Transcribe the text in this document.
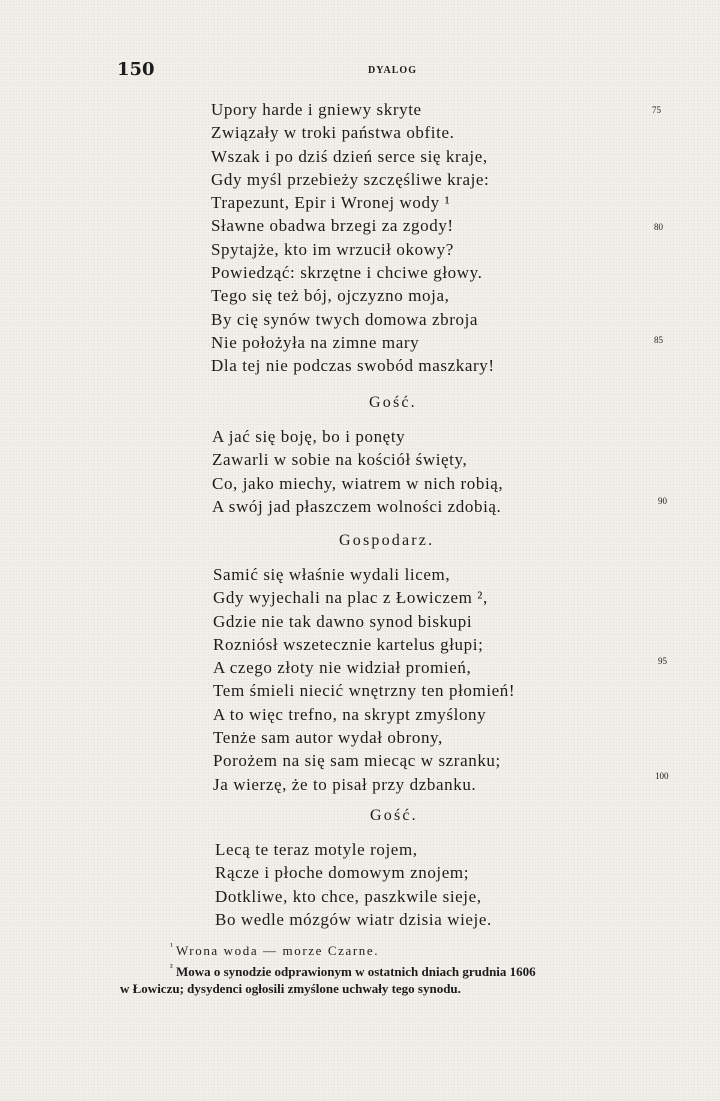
150	DYALOG
Upory harde i gniewy skryte
Związały w troki państwa obfite.
Wszak i po dziś dzień serce się kraje,
Gdy myśl przebieży szczęśliwe kraje:
Trapezunt, Epir i Wronej wody ¹
Sławne obadwa brzegi za zgody!
Spytajże, kto im wrzucił okowy?
Powiedząć: skrzętne i chciwe głowy.
Tego się też bój, ojczyzno moja,
By cię synów twych domowa zbroja
Nie położyła na zimne mary
Dla tej nie podczas swobód maszkary!
Gość.
A jać się boję, bo i ponęty
Zawarli w sobie na kościół święty,
Co, jako miechy, wiatrem w nich robią,
A swój jad płaszczem wolności zdobią.
Gospodarz.
Samić się właśnie wydali licem,
Gdy wyjechali na plac z Łowiczem ²,
Gdzie nie tak dawno synod biskupi
Rozniósł wszetecznie kartelus głupi;
A czego złoty nie widział promień,
Tem śmieli niecić wnętrzny ten płomień!
A to więc trefno, na skrypt zmyślony
Tenże sam autor wydał obrony,
Porożem na się sam miecąc w szranku;
Ja wierzę, że to pisał przy dzbanku.
Gość.
Lecą te teraz motyle rojem,
Rącze i płoche domowym znojem;
Dotkliwe, kto chce, paszkwile sieje,
Bo wedle mózgów wiatr dzisia wieje.
75
80
85
90
95
100
$^{^1}$ Wrona woda — morze Czarne.
$^{^2}$ Mowa o synodzie odprawionym w ostatnich dniach grudnia 1606
w Łowiczu; dysydenci ogłosili zmyślone uchwały tego synodu.
